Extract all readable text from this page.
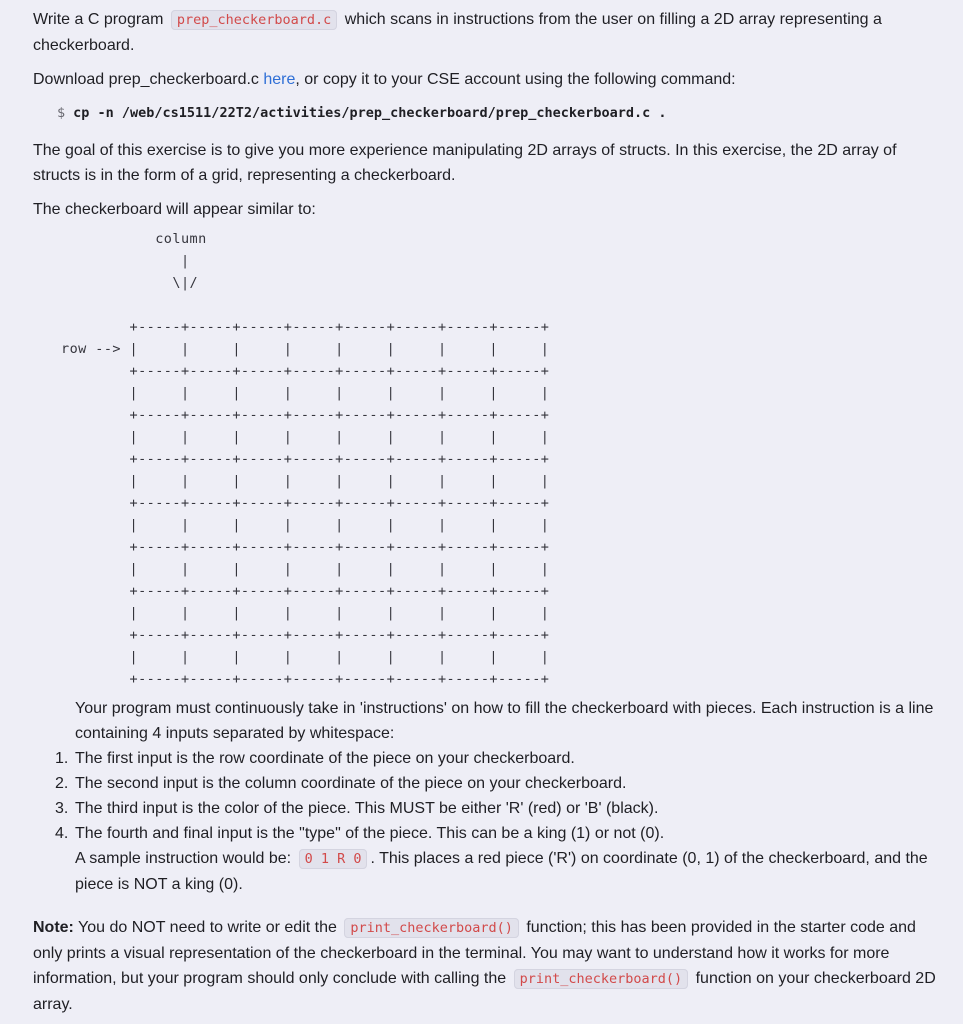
Write a C program prep_checkerboard.c which scans in instructions from the user on filling a 2D array representing a checkerboard.

Download prep_checkerboard.c here, or copy it to your CSE account using the following command:

$ cp -n /web/cs1511/22T2/activities/prep_checkerboard/prep_checkerboard.c .

The goal of this exercise is to give you more experience manipulating 2D arrays of structs. In this exercise, the 2D array of structs is in the form of a grid, representing a checkerboard.

The checkerboard will appear similar to:

column
|
\|/

+-----+-----+-----+-----+-----+-----+-----+-----+
row --> |     |     |     |     |     |     |     |     |
+-----+-----+-----+-----+-----+-----+-----+-----+
|     |     |     |     |     |     |     |     |
+-----+-----+-----+-----+-----+-----+-----+-----+
|     |     |     |     |     |     |     |     |
+-----+-----+-----+-----+-----+-----+-----+-----+
|     |     |     |     |     |     |     |     |
+-----+-----+-----+-----+-----+-----+-----+-----+
|     |     |     |     |     |     |     |     |
+-----+-----+-----+-----+-----+-----+-----+-----+
|     |     |     |     |     |     |     |     |
+-----+-----+-----+-----+-----+-----+-----+-----+
|     |     |     |     |     |     |     |     |
+-----+-----+-----+-----+-----+-----+-----+-----+
|     |     |     |     |     |     |     |     |
+-----+-----+-----+-----+-----+-----+-----+-----+

Your program must continuously take in 'instructions' on how to fill the checkerboard with pieces. Each instruction is a line containing 4 inputs separated by whitespace:

1. The first input is the row coordinate of the piece on your checkerboard.
2. The second input is the column coordinate of the piece on your checkerboard.
3. The third input is the color of the piece. This MUST be either 'R' (red) or 'B' (black).
4. The fourth and final input is the "type" of the piece. This can be a king (1) or not (0).

A sample instruction would be: 0 1 R 0 . This places a red piece ('R') on coordinate (0, 1) of the checkerboard, and the piece is NOT a king (0).

Note: You do NOT need to write or edit the print_checkerboard() function; this has been provided in the starter code and only prints a visual representation of the checkerboard in the terminal. You may want to understand how it works for more information, but your program should only conclude with calling the print_checkerboard() function on your checkerboard 2D array.
